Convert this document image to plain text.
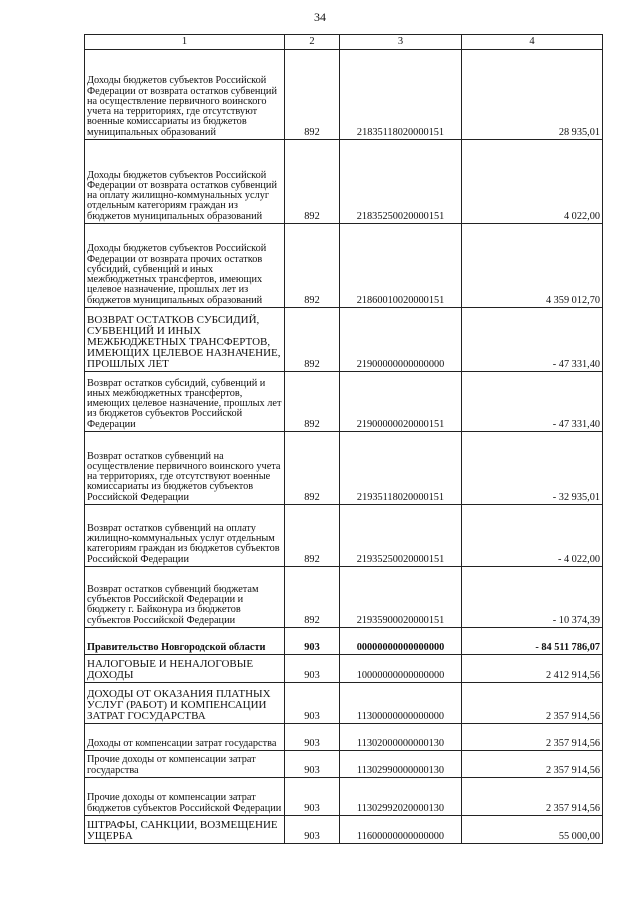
34
1	2	3	4
Доходы бюджетов субъектов Российской Федерации от возврата остатков субвенций на осуществление первичного воинского учета на территориях, где отсутствуют военные комиссариаты из бюджетов муниципальных образований	892	21835118020000151	28 935,01
Доходы бюджетов субъектов Российской Федерации от возврата остатков субвенций на оплату жилищно-коммунальных услуг отдельным категориям граждан из бюджетов муниципальных образований	892	21835250020000151	4 022,00
Доходы бюджетов субъектов Российской Федерации от возврата прочих остатков субсидий, субвенций и иных межбюджетных трансфертов, имеющих целевое назначение, прошлых лет из бюджетов муниципальных образований	892	21860010020000151	4 359 012,70
ВОЗВРАТ ОСТАТКОВ СУБСИДИЙ, СУБВЕНЦИЙ И ИНЫХ МЕЖБЮДЖЕТНЫХ ТРАНСФЕРТОВ, ИМЕЮЩИХ ЦЕЛЕВОЕ НАЗНАЧЕНИЕ, ПРОШЛЫХ ЛЕТ	892	21900000000000000	- 47 331,40
Возврат остатков субсидий, субвенций и иных межбюджетных трансфертов, имеющих целевое назначение, прошлых лет из бюджетов субъектов Российской Федерации	892	21900000020000151	- 47 331,40
Возврат остатков субвенций на осуществление первичного воинского учета на территориях, где отсутствуют военные комиссариаты из бюджетов субъектов Российской Федерации	892	21935118020000151	- 32 935,01
Возврат остатков субвенций на оплату жилищно-коммунальных услуг отдельным категориям граждан из бюджетов субъектов Российской Федерации	892	21935250020000151	- 4 022,00
Возврат остатков субвенций бюджетам субъектов Российской Федерации и бюджету г. Байконура из бюджетов субъектов Российской Федерации	892	21935900020000151	- 10 374,39
Правительство Новгородской области	903	00000000000000000	- 84 511 786,07
НАЛОГОВЫЕ И НЕНАЛОГОВЫЕ ДОХОДЫ	903	10000000000000000	2 412 914,56
ДОХОДЫ ОТ ОКАЗАНИЯ ПЛАТНЫХ УСЛУГ (РАБОТ) И КОМПЕНСАЦИИ ЗАТРАТ ГОСУДАРСТВА	903	11300000000000000	2 357 914,56
Доходы от компенсации затрат государства	903	11302000000000130	2 357 914,56
Прочие доходы от компенсации затрат государства	903	11302990000000130	2 357 914,56
Прочие доходы от компенсации затрат бюджетов субъектов Российской Федерации	903	11302992020000130	2 357 914,56
ШТРАФЫ, САНКЦИИ, ВОЗМЕЩЕНИЕ УЩЕРБА	903	11600000000000000	55 000,00
